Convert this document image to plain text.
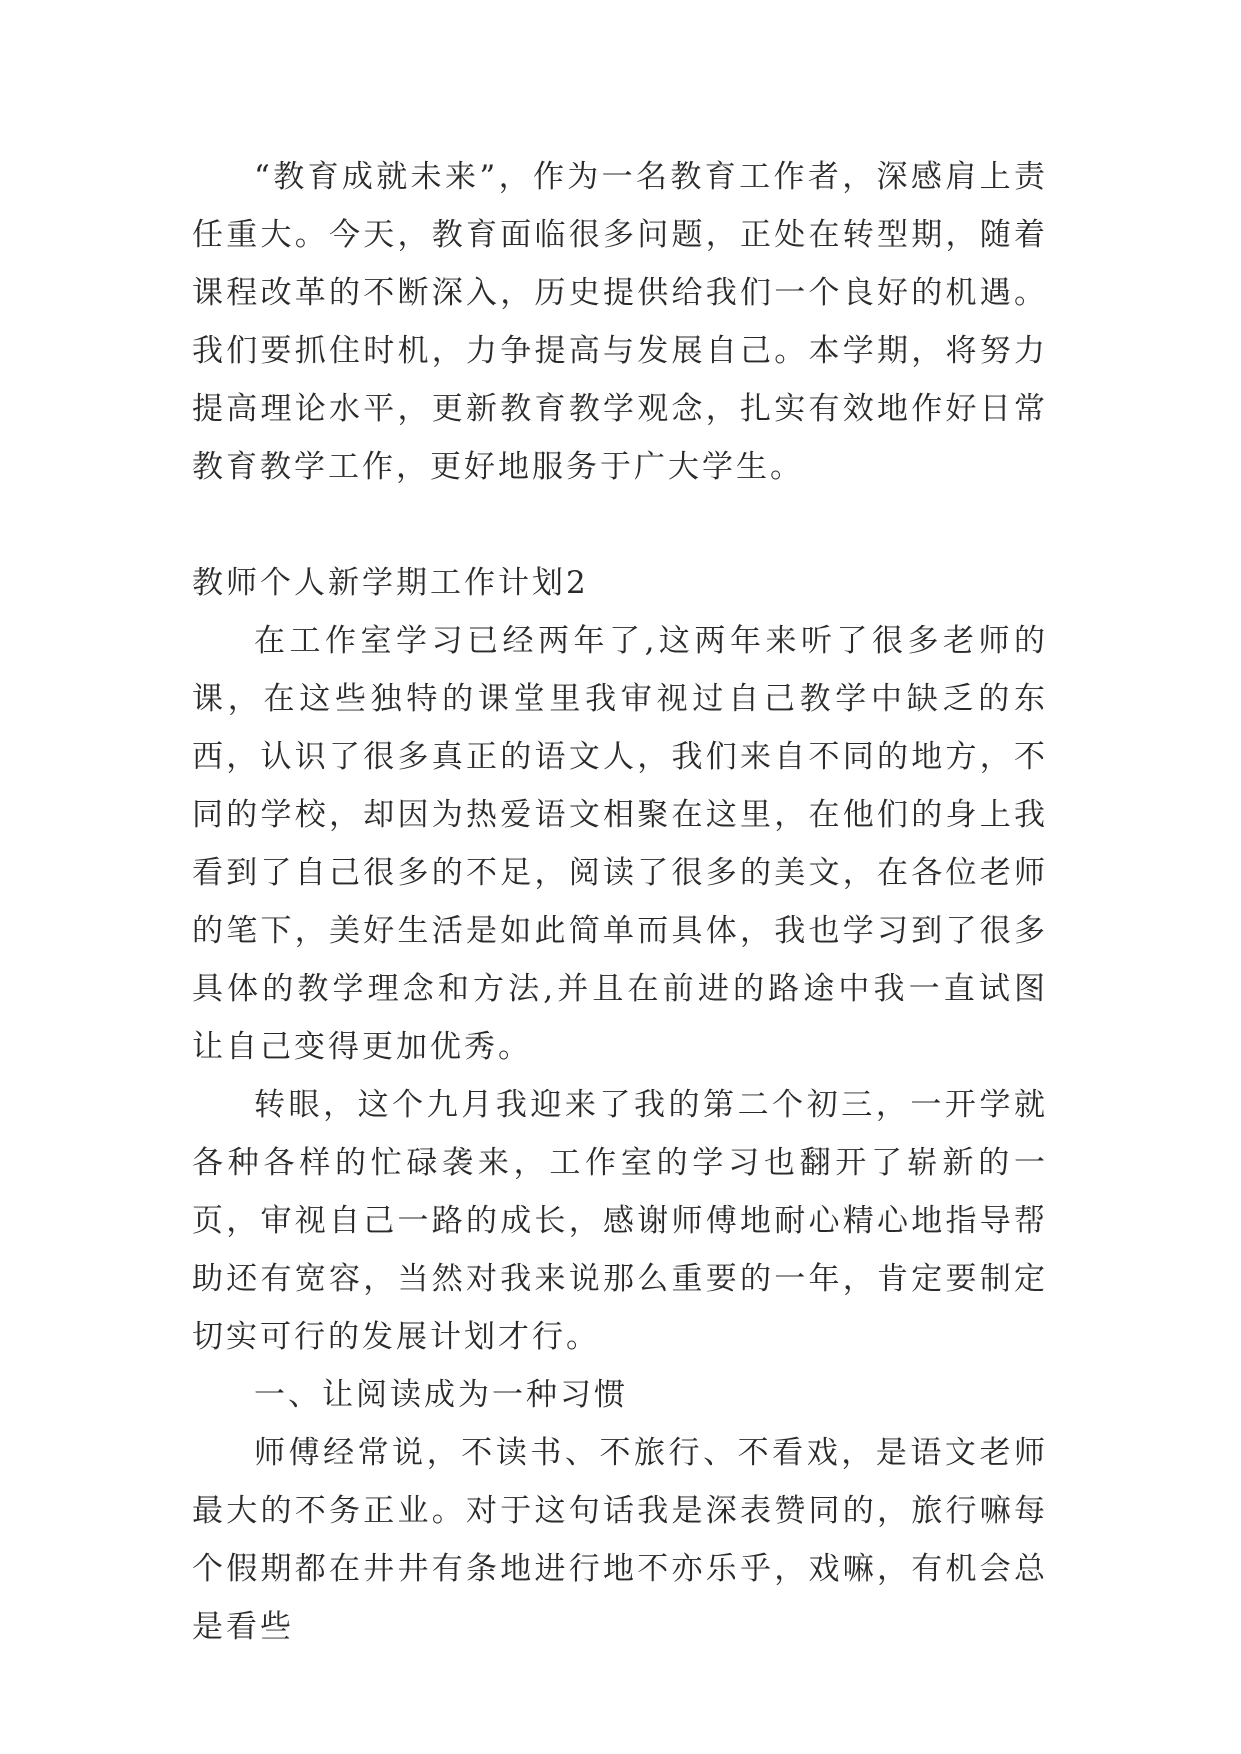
“教育成就未来”，作为一名教育工作者，深感肩上责任重大。今天，教育面临很多问题，正处在转型期，随着课程改革的不断深入，历史提供给我们一个良好的机遇。我们要抓住时机，力争提高与发展自己。本学期，将努力提高理论水平，更新教育教学观念，扎实有效地作好日常教育教学工作，更好地服务于广大学生。

教师个人新学期工作计划2

在工作室学习已经两年了,这两年来听了很多老师的课，在这些独特的课堂里我审视过自己教学中缺乏的东西，认识了很多真正的语文人，我们来自不同的地方，不同的学校，却因为热爱语文相聚在这里，在他们的身上我看到了自己很多的不足，阅读了很多的美文，在各位老师的笔下，美好生活是如此简单而具体，我也学习到了很多具体的教学理念和方法,并且在前进的路途中我一直试图让自己变得更加优秀。

转眼，这个九月我迎来了我的第二个初三，一开学就各种各样的忙碌袭来，工作室的学习也翻开了崭新的一页，审视自己一路的成长，感谢师傅地耐心精心地指导帮助还有宽容，当然对我来说那么重要的一年，肯定要制定切实可行的发展计划才行。

一、让阅读成为一种习惯

师傅经常说，不读书、不旅行、不看戏，是语文老师最大的不务正业。对于这句话我是深表赞同的，旅行嘛每个假期都在井井有条地进行地不亦乐乎，戏嘛，有机会总是看些
